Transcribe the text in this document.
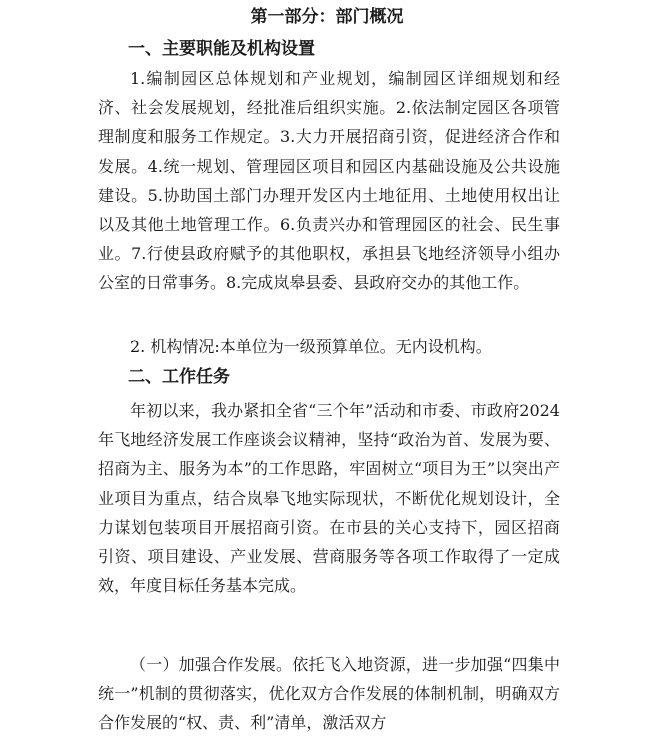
第一部分：部门概况
一、主要职能及机构设置

1.编制园区总体规划和产业规划，编制园区详细规划和经济、社会发展规划，经批准后组织实施。2.依法制定园区各项管理制度和服务工作规定。3.大力开展招商引资，促进经济合作和发展。4.统一规划、管理园区项目和园区内基础设施及公共设施建设。5.协助国土部门办理开发区内土地征用、土地使用权出让以及其他土地管理工作。6.负责兴办和管理园区的社会、民生事业。7.行使县政府赋予的其他职权，承担县飞地经济领导小组办公室的日常事务。8.完成岚皋县委、县政府交办的其他工作。

2. 机构情况:本单位为一级预算单位。无内设机构。

二、工作任务

年初以来，我办紧扣全省“三个年”活动和市委、市政府2024年飞地经济发展工作座谈会议精神，坚持“政治为首、发展为要、招商为主、服务为本”的工作思路，牢固树立“项目为王”以突出产业项目为重点，结合岚皋飞地实际现状，不断优化规划设计，全力谋划包装项目开展招商引资。在市县的关心支持下，园区招商引资、项目建设、产业发展、营商服务等各项工作取得了一定成效，年度目标任务基本完成。

（一）加强合作发展。依托飞入地资源，进一步加强“四集中统一”机制的贯彻落实，优化双方合作发展的体制机制，明确双方合作发展的“权、责、利”清单，激活双方
